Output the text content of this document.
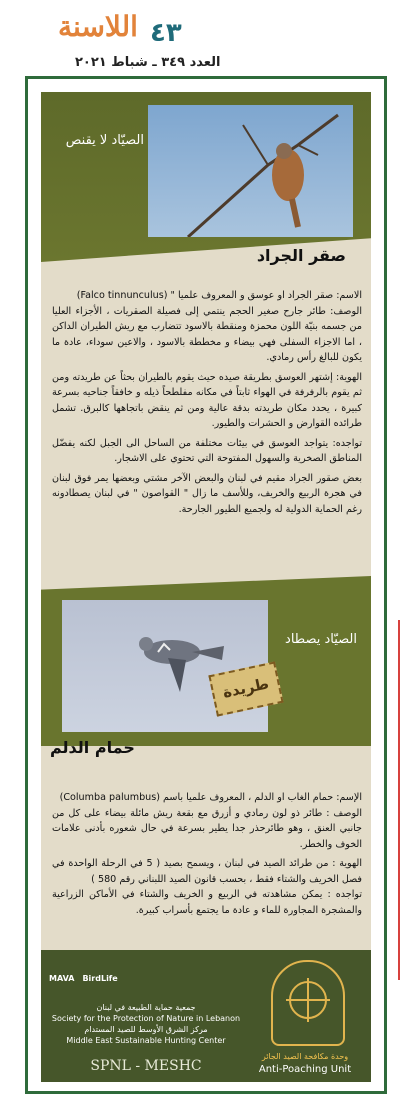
اللاسنة ٤٣
العدد ٣٤٩ ـ شباط ٢٠٢١
الصيّاد لا يقنص
صقر الجراد
الاسم: صقر الجراد او عوسق و المعروف علميا " (Falco tinnunculus)
الوصف: طائر جارح صغير الحجم ينتمي إلى فصيلة الصقريات ، الأجزاء العليا من جسمه بنيّة اللون محمزة ومنقطة بالاسود تتضارب مع ريش الطيران الداكن ، اما الاجزاء السفلى فهي بيضاء و مخططة بالاسود ، والاعين سوداء، عادة ما يكون للبالغ رأس رمادي.
الهوية: إشتهر العوسق بطريقة صيده حيث يقوم بالطيران بحثاً عن طريدته ومن ثم يقوم بالرفرفة في الهواء ثابتاً في مكانه مفلطحاً ذيله و خافقاً جناحيه بسرعة كبيرة ، يحدد مكان طريدته بدقة عالية ومن ثم ينقض باتجاهها كالبرق. تشمل طرائده القوارض و الحشرات والطيور.
تواجده: يتواجد العوسق في بيئات مختلفة من الساحل الى الجبل لكنه يفضّل المناطق الصخرية والسهول المفتوحة التي تحتوي على الاشجار.
بعض صقور الجراد مقيم في لبنان والبعض الآخر مشتي وبعضها يمر فوق لبنان في هجرة الربيع والخريف، وللأسف ما زال " القواصون " في لبنان يصطادونه رغم الحماية الدولية له ولجميع الطيور الجارحة.
الصيّاد يصطاد
طريدة
حمام الدلم
الإسم: حمام الغاب او الدلم ، المعروف علميا باسم (Columba palumbus)
الوصف : طائر ذو لون رمادي و أزرق مع بقعة ريش مائلة بيضاء على كل من جانبي العنق ، وهو طائرحذر جدا يطير بسرعة في حال شعوره بأدنى علامات الخوف والخطر.
الهوية : من طرائد الصيد في لبنان ، ويسمح بصيد ( 5 في الرحلة الواحدة في فصل الخريف والشتاء فقط ، بحسب قانون الصيد اللبناني رقم 580 )
تواجده : يمكن مشاهدته في الربيع و الخريف والشتاء في الأماكن الزراعية والمشجرة المجاورة للماء و عادة ما يجتمع بأسراب كبيرة.
MAVA BirdLife
جمعية حماية الطبيعة في لبنان
Society for the Protection of Nature in Lebanon
مركز الشرق الأوسط للصيد المستدام
Middle East Sustainable Hunting Center
SPNL - MESHC
وحدة مكافحة الصيد الجائر
Anti-Poaching Unit
